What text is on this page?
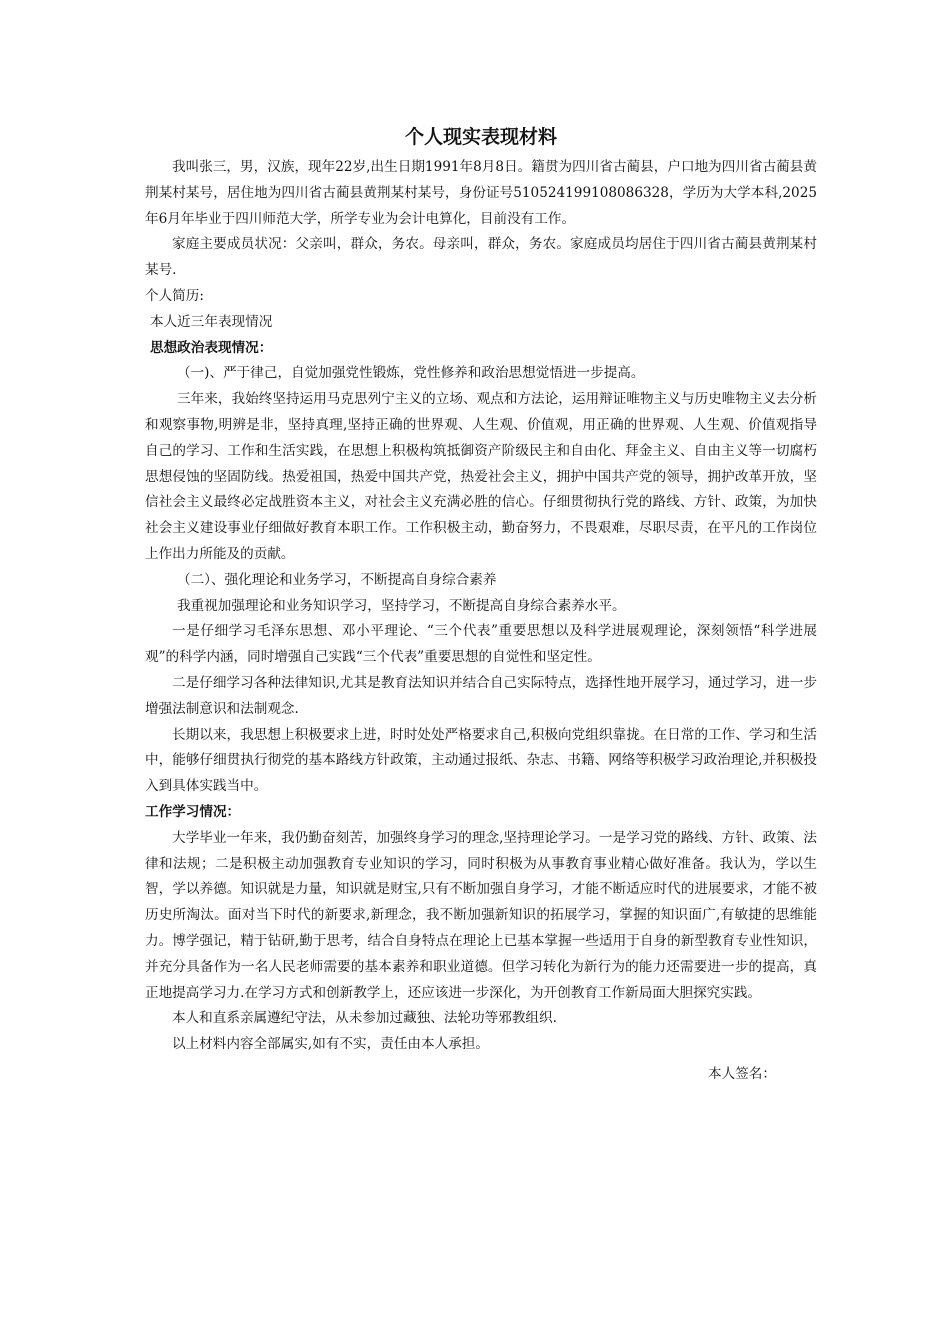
个人现实表现材料

我叫张三，男，汉族，现年22岁,出生日期1991年8月8日。籍贯为四川省古蔺县，户口地为四川省古蔺县黄荆某村某号，居住地为四川省古蔺县黄荆某村某号，身份证号510524199108086328，学历为大学本科,2025年6月年毕业于四川师范大学，所学专业为会计电算化，目前没有工作。

家庭主要成员状况：父亲叫，群众，务农。母亲叫，群众，务农。家庭成员均居住于四川省古蔺县黄荆某村某号.

个人简历:

本人近三年表现情况

思想政治表现情况：

（一)、严于律己，自觉加强党性锻炼，党性修养和政治思想觉悟进一步提高。

三年来，我始终坚持运用马克思列宁主义的立场、观点和方法论，运用辩证唯物主义与历史唯物主义去分析和观察事物,明辨是非，坚持真理,坚持正确的世界观、人生观、价值观，用正确的世界观、人生观、价值观指导自己的学习、工作和生活实践，在思想上积极构筑抵御资产阶级民主和自由化、拜金主义、自由主义等一切腐朽思想侵蚀的坚固防线。热爱祖国，热爱中国共产党，热爱社会主义，拥护中国共产党的领导，拥护改革开放，坚信社会主义最终必定战胜资本主义，对社会主义充满必胜的信心。仔细贯彻执行党的路线、方针、政策，为加快社会主义建设事业仔细做好教育本职工作。工作积极主动，勤奋努力，不畏艰难，尽职尽责，在平凡的工作岗位上作出力所能及的贡献。

（二）、强化理论和业务学习，不断提高自身综合素养

我重视加强理论和业务知识学习，坚持学习，不断提高自身综合素养水平。

一是仔细学习毛泽东思想、邓小平理论、“三个代表”重要思想以及科学进展观理论，深刻领悟“科学进展观”的科学内涵，同时增强自己实践“三个代表”重要思想的自觉性和坚定性。

二是仔细学习各种法律知识,尤其是教育法知识并结合自己实际特点，选择性地开展学习，通过学习，进一步增强法制意识和法制观念.

长期以来，我思想上积极要求上进，时时处处严格要求自己,积极向党组织靠拢。在日常的工作、学习和生活中，能够仔细贯执行彻党的基本路线方针政策，主动通过报纸、杂志、书籍、网络等积极学习政治理论,并积极投入到具体实践当中。

工作学习情况：

大学毕业一年来，我仍勤奋刻苦，加强终身学习的理念,坚持理论学习。一是学习党的路线、方针、政策、法律和法规；二是积极主动加强教育专业知识的学习，同时积极为从事教育事业精心做好准备。我认为，学以生智，学以养德。知识就是力量，知识就是财宝,只有不断加强自身学习，才能不断适应时代的进展要求，才能不被历史所淘汰。面对当下时代的新要求,新理念，我不断加强新知识的拓展学习，掌握的知识面广,有敏捷的思维能力。博学强记，精于钻研,勤于思考，结合自身特点在理论上已基本掌握一些适用于自身的新型教育专业性知识，并充分具备作为一名人民老师需要的基本素养和职业道德。但学习转化为新行为的能力还需要进一步的提高，真正地提高学习力.在学习方式和创新教学上，还应该进一步深化，为开创教育工作新局面大胆探究实践。

本人和直系亲属遵纪守法，从未参加过藏独、法轮功等邪教组织.

以上材料内容全部属实,如有不实，责任由本人承担。

本人签名：
